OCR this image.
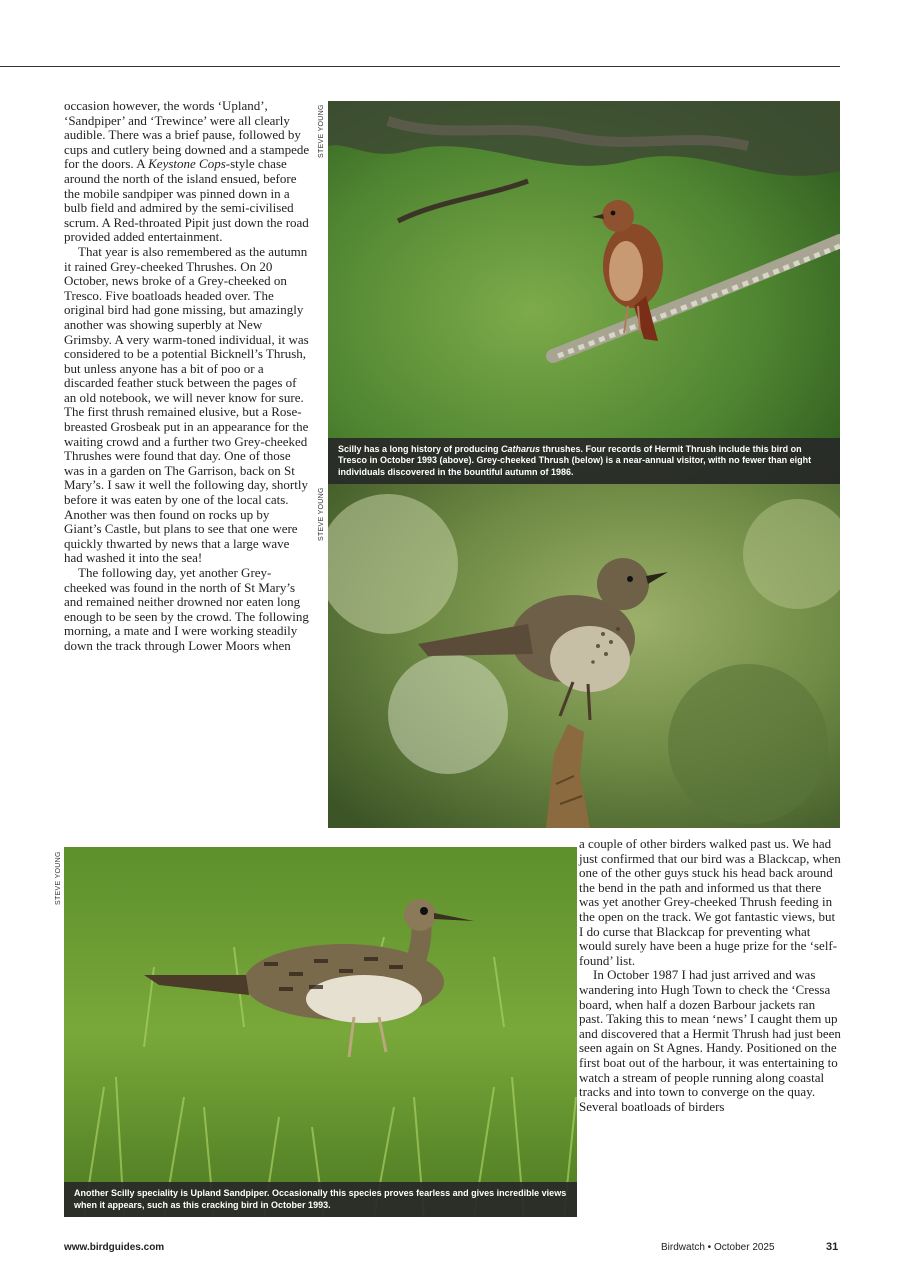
occasion however, the words ‘Upland’, ‘Sandpiper’ and ‘Trewince’ were all clearly audible. There was a brief pause, followed by cups and cutlery being downed and a stampede for the doors. A Keystone Cops-style chase around the north of the island ensued, before the mobile sandpiper was pinned down in a bulb field and admired by the semi-civilised scrum. A Red-throated Pipit just down the road provided added entertainment.

That year is also remembered as the autumn it rained Grey-cheeked Thrushes. On 20 October, news broke of a Grey-cheeked on Tresco. Five boatloads headed over. The original bird had gone missing, but amazingly another was showing superbly at New Grimsby. A very warm-toned individual, it was considered to be a potential Bicknell’s Thrush, but unless anyone has a bit of poo or a discarded feather stuck between the pages of an old notebook, we will never know for sure. The first thrush remained elusive, but a Rose-breasted Grosbeak put in an appearance for the waiting crowd and a further two Grey-cheeked Thrushes were found that day. One of those was in a garden on The Garrison, back on St Mary’s. I saw it well the following day, shortly before it was eaten by one of the local cats. Another was then found on rocks up by Giant’s Castle, but plans to see that one were quickly thwarted by news that a large wave had washed it into the sea!

The following day, yet another Grey-cheeked was found in the north of St Mary’s and remained neither drowned nor eaten long enough to be seen by the crowd. The following morning, a mate and I were working steadily down the track through Lower Moors when

Scilly has a long history of producing Catharus thrushes. Four records of Hermit Thrush include this bird on Tresco in October 1993 (above). Grey-cheeked Thrush (below) is a near-annual visitor, with no fewer than eight individuals discovered in the bountiful autumn of 1986.
Another Scilly speciality is Upland Sandpiper. Occasionally this species proves fearless and gives incredible views when it appears, such as this cracking bird in October 1993.
STEVE YOUNG
STEVE YOUNG
STEVE YOUNG

a couple of other birders walked past us. We had just confirmed that our bird was a Blackcap, when one of the other guys stuck his head back around the bend in the path and informed us that there was yet another Grey-cheeked Thrush feeding in the open on the track. We got fantastic views, but I do curse that Blackcap for preventing what would surely have been a huge prize for the ‘self-found’ list.

In October 1987 I had just arrived and was wandering into Hugh Town to check the ‘Cressa board, when half a dozen Barbour jackets ran past. Taking this to mean ‘news’ I caught them up and discovered that a Hermit Thrush had just been seen again on St Agnes. Handy. Positioned on the first boat out of the harbour, it was entertaining to watch a stream of people running along coastal tracks and into town to converge on the quay. Several boatloads of birders

www.birdguides.com	Birdwatch • October 2025	31
